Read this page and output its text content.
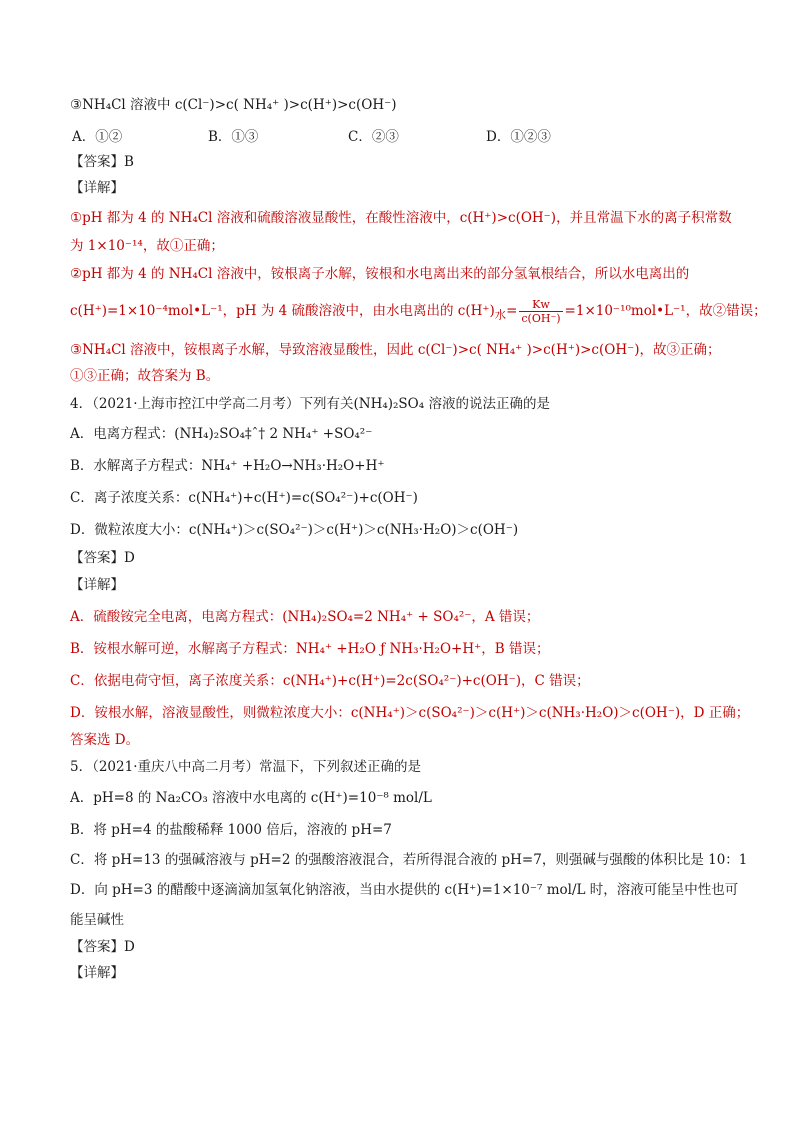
③NH₄Cl 溶液中 c(Cl⁻)>c( NH₄⁺ )>c(H⁺)>c(OH⁻)
A．①②	B．①③	C．②③	D．①②③
【答案】B
【详解】
①pH 都为 4 的 NH₄Cl 溶液和硫酸溶液显酸性，在酸性溶液中，c(H⁺)>c(OH⁻)，并且常温下水的离子积常数
为 1×10⁻¹⁴，故①正确；
②pH 都为 4 的 NH₄Cl 溶液中，铵根离子水解，铵根和水电离出来的部分氢氧根结合，所以水电离出的
c(H⁺)=1×10⁻⁴mol•L⁻¹，pH 为 4 硫酸溶液中，由水电离出的 $c(H^+)_水= \frac{Kw}{c(OH^-)}$ =1×10⁻¹⁰mol•L⁻¹，故②错误；
③NH₄Cl 溶液中，铵根离子水解，导致溶液显酸性，因此 c(Cl⁻)>c( NH₄⁺ )>c(H⁺)>c(OH⁻)，故③正确；
①③正确；故答案为 B。
4．（2021·上海市控江中学高二月考）下列有关(NH₄)₂SO₄ 溶液的说法正确的是
A．电离方程式：(NH₄)₂SO₄‡ˆ† 2 NH₄⁺ +SO₄²⁻
B．水解离子方程式：NH₄⁺ +H₂O→NH₃·H₂O+H⁺
C．离子浓度关系：c(NH₄⁺)+c(H⁺)=c(SO₄²⁻)+c(OH⁻)
D．微粒浓度大小：c(NH₄⁺)＞c(SO₄²⁻)＞c(H⁺)＞c(NH₃·H₂O)＞c(OH⁻)
【答案】D
【详解】
A．硫酸铵完全电离，电离方程式：(NH₄)₂SO₄=2 NH₄⁺ + SO₄²⁻，A 错误；
B．铵根水解可逆，水解离子方程式：NH₄⁺ +H₂O ƒ NH₃·H₂O+H⁺，B 错误；
C．依据电荷守恒，离子浓度关系：c(NH₄⁺)+c(H⁺)=2c(SO₄²⁻)+c(OH⁻)，C 错误；
D．铵根水解，溶液显酸性，则微粒浓度大小：c(NH₄⁺)＞c(SO₄²⁻)＞c(H⁺)＞c(NH₃·H₂O)＞c(OH⁻)，D 正确；
答案选 D。
5．（2021·重庆八中高二月考）常温下，下列叙述正确的是
A．pH=8 的 Na₂CO₃ 溶液中水电离的 c(H⁺)=10⁻⁸ mol/L
B．将 pH=4 的盐酸稀释 1000 倍后，溶液的 pH=7
C．将 pH=13 的强碱溶液与 pH=2 的强酸溶液混合，若所得混合液的 pH=7，则强碱与强酸的体积比是 10：1
D．向 pH=3 的醋酸中逐滴滴加氢氧化钠溶液，当由水提供的 c(H⁺)=1×10⁻⁷ mol/L 时，溶液可能呈中性也可
能呈碱性
【答案】D
【详解】
